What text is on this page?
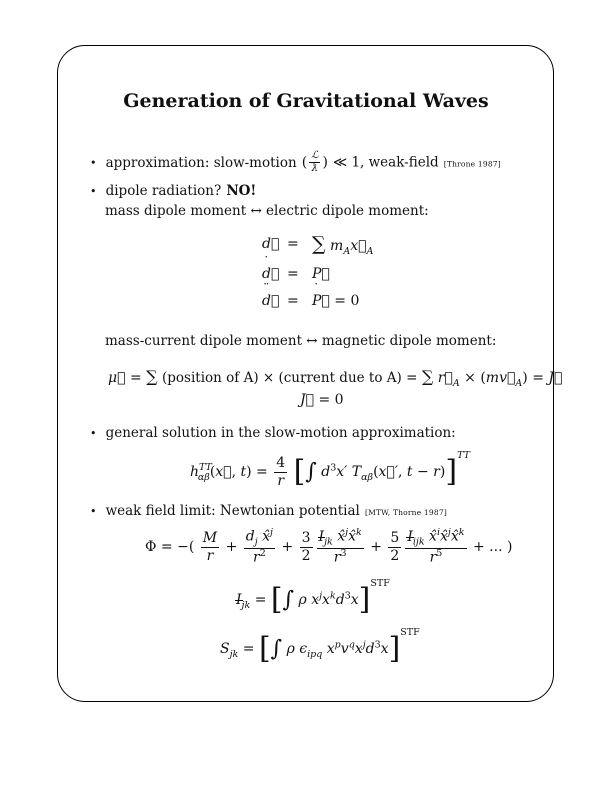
Generation of Gravitational Waves
• approximation: slow-motion ( $\frac{\text{ℒ}}{ƛ}$ ) ≪ 1, weak-field [Throne 1987]
• dipole radiation? NO!
mass dipole moment ↔ electric dipole moment:
d⃗ = ∑ $m_Ax⃗_A$
˙ d⃗ = P⃗
¨ d⃗ =
˙ P⃗ = 0
mass-current dipole moment ↔ magnetic dipole moment:
μ⃗ = ∑ (position of A) × (current due to A) = ∑ $r⃗_A$ × $(mv⃗_A)$ = J⃗
˙ J⃗ = 0
• general solution in the slow-motion approximation:
$h^{TT}_{\alpha\beta}(x⃗$, $t) = \frac{4}{r}$ [∫ $d^3x'$ $T_{\alpha\beta}(x⃗'$, t − r)]$^{TT}$
• weak field limit: Newtonian potential [MTW, Thorne 1987]
Φ = −( $\frac{M}{r} + \frac{d_j x̂^j}{r^2} + \frac{3}{2} \frac{I_{jk} x̂^jx̂^k}{r^3} + \frac{5}{2} \frac{I_{ijk} x̂^ix̂^jx̂^k}{r^5}$ + ... )
$I_{jk}$ = [∫ ρ $x^jx^kd^3x]^{STF}$
$S_{jk}$ = [∫ ρ $\epsilon_{ipq}$ $x^pv^qx^jd^3x]^{STF}$
